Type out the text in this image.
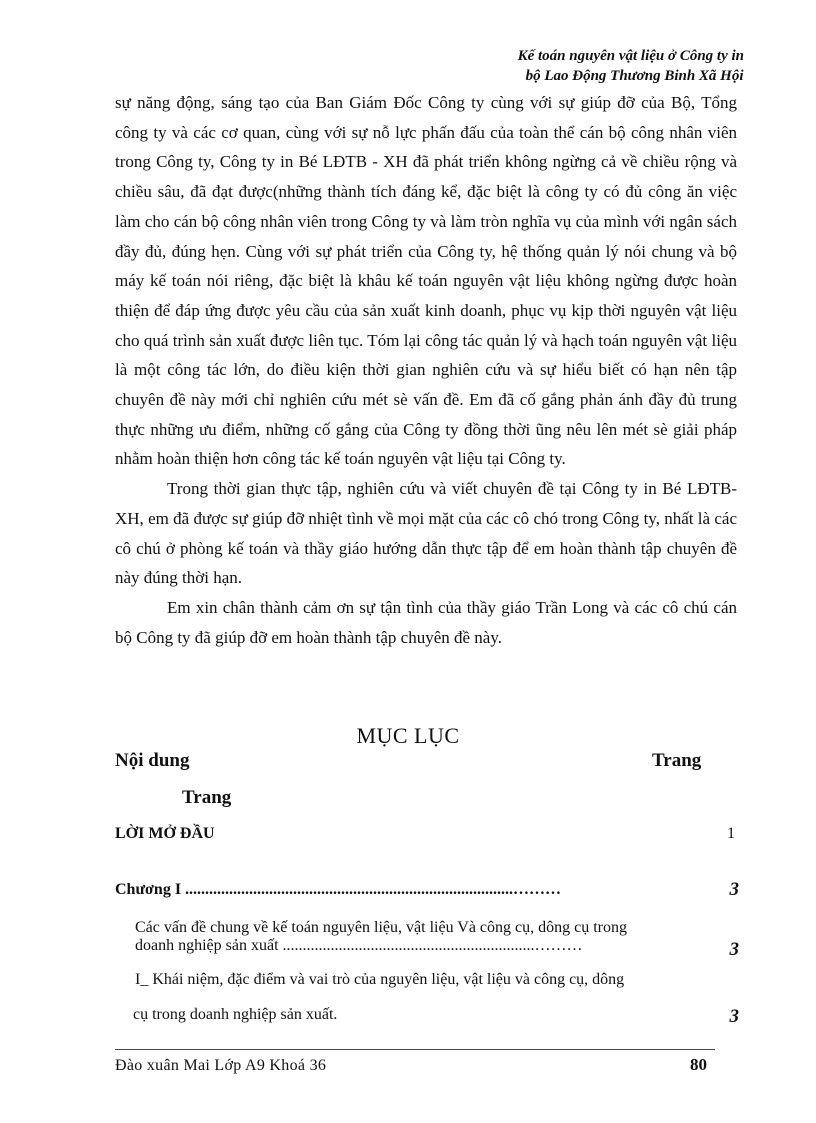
Kế toán nguyên vật liệu ở Công ty in
bộ Lao Động Thương Binh Xã Hội

sự năng động, sáng tạo của Ban Giám Đốc Công ty cùng với sự giúp đỡ của Bộ, Tổng công ty và các cơ quan, cùng với sự nỗ lực phấn đấu của toàn thể cán bộ công nhân viên trong Công ty, Công ty in Bé LĐTB - XH đã phát triển không ngừng cả về chiều rộng và chiều sâu, đã đạt được(những thành tích đáng kể, đặc biệt là công ty có đủ công ăn việc làm cho cán bộ công nhân viên trong Công ty và làm tròn nghĩa vụ của mình với ngân sách đầy đủ, đúng hẹn. Cùng với sự phát triển của Công ty, hệ thống quản lý nói chung và bộ máy kế toán nói riêng, đặc biệt là khâu kế toán nguyên vật liệu không ngừng được hoàn thiện để đáp ứng được yêu cầu của sản xuất kinh doanh, phục vụ kịp thời nguyên vật liệu cho quá trình sản xuất được liên tục. Tóm lại công tác quản lý và hạch toán nguyên vật liệu là một công tác lớn, do điều kiện thời gian nghiên cứu và sự hiểu biết có hạn nên tập chuyên đề này mới chỉ nghiên cứu mét sè vấn đề. Em đã cố gắng phản ánh đầy đủ trung thực những ưu điểm, những cố gắng của Công ty đồng thời ũng nêu lên mét sè giải pháp nhằm hoàn thiện hơn công tác kế toán nguyên vật liệu tại Công ty.

Trong thời gian thực tập, nghiên cứu và viết chuyên đề tại Công ty in Bé LĐTB-XH, em đã được sự giúp đỡ nhiệt tình về mọi mặt của các cô chó trong Công ty, nhất là các cô chú ở phòng kế toán và thầy giáo hướng dẫn thực tập để em hoàn thành tập chuyên đề này đúng thời hạn.

Em xin chân thành cảm ơn sự tận tình của thầy giáo Trần Long và các cô chú cán bộ Công ty đã giúp đỡ em hoàn thành tập chuyên đề này.

MỤC LỤC
Nội dung	Trang
Trang
LỜI MỞ ĐẦU	1
Chương I ..................................................................................………	3
Các vấn đề chung về kế toán nguyên liệu, vật liệu Và công cụ, dông cụ trong
doanh nghiệp sản xuất ...............................................................………	3
I_ Khái niệm, đặc điểm và vai trò của nguyên liệu, vật liệu và công cụ, dông
cụ trong doanh nghiệp sản xuất.	3
Đào xuân Mai Lớp A9 Khoá 36	80
